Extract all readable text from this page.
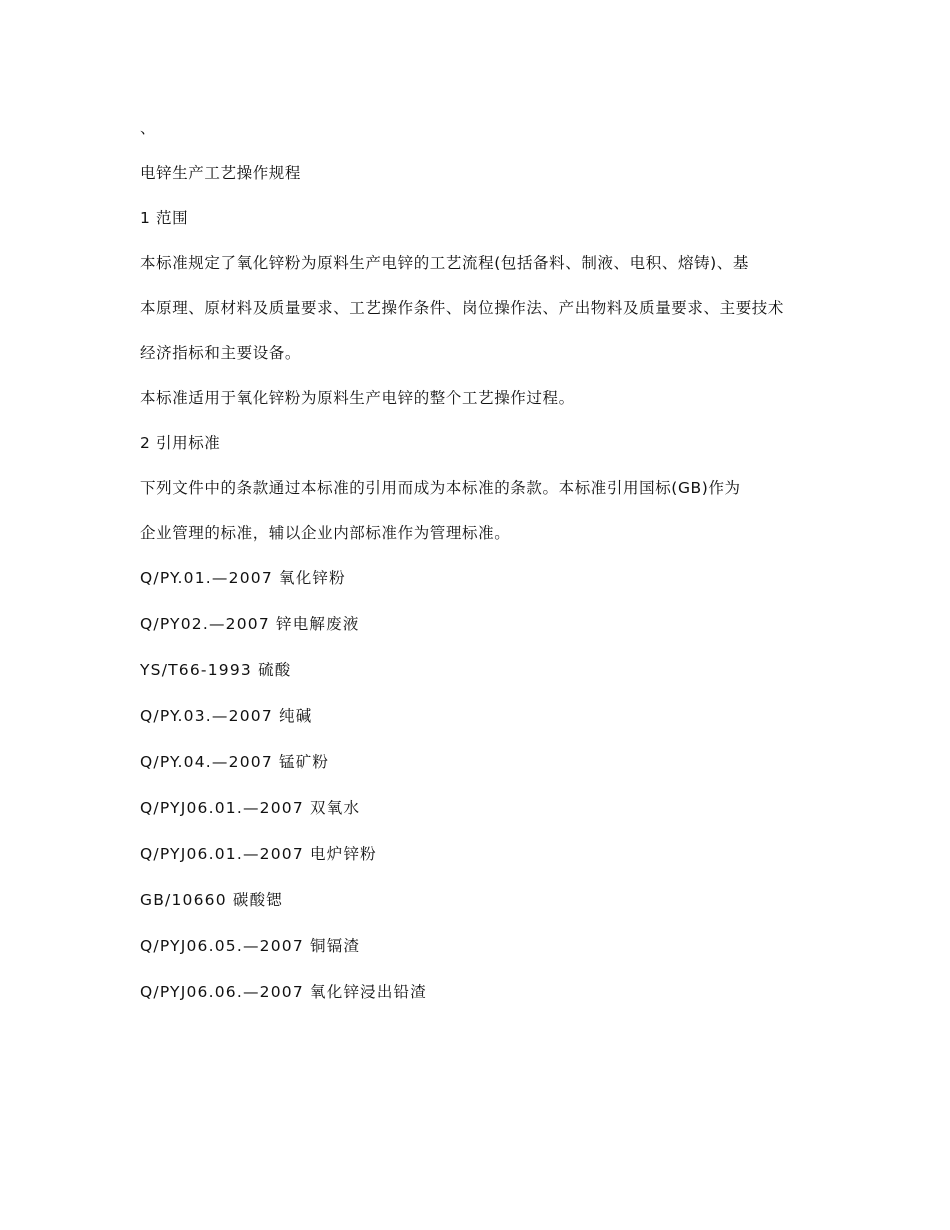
、

电锌生产工艺操作规程

1 范围

本标准规定了氧化锌粉为原料生产电锌的工艺流程(包括备料、制液、电积、熔铸)、基

本原理、原材料及质量要求、工艺操作条件、岗位操作法、产出物料及质量要求、主要技术

经济指标和主要设备。

本标准适用于氧化锌粉为原料生产电锌的整个工艺操作过程。

2 引用标准

下列文件中的条款通过本标准的引用而成为本标准的条款。本标准引用国标(GB)作为

企业管理的标准，辅以企业内部标准作为管理标准。

Q/PY.01.—2007 氧化锌粉
Q/PY02.—2007 锌电解废液
YS/T66-1993 硫酸
Q/PY.03.—2007 纯碱
Q/PY.04.—2007 锰矿粉
Q/PYJ06.01.—2007 双氧水
Q/PYJ06.01.—2007 电炉锌粉
GB/10660 碳酸锶
Q/PYJ06.05.—2007 铜镉渣
Q/PYJ06.06.—2007 氧化锌浸出铅渣
